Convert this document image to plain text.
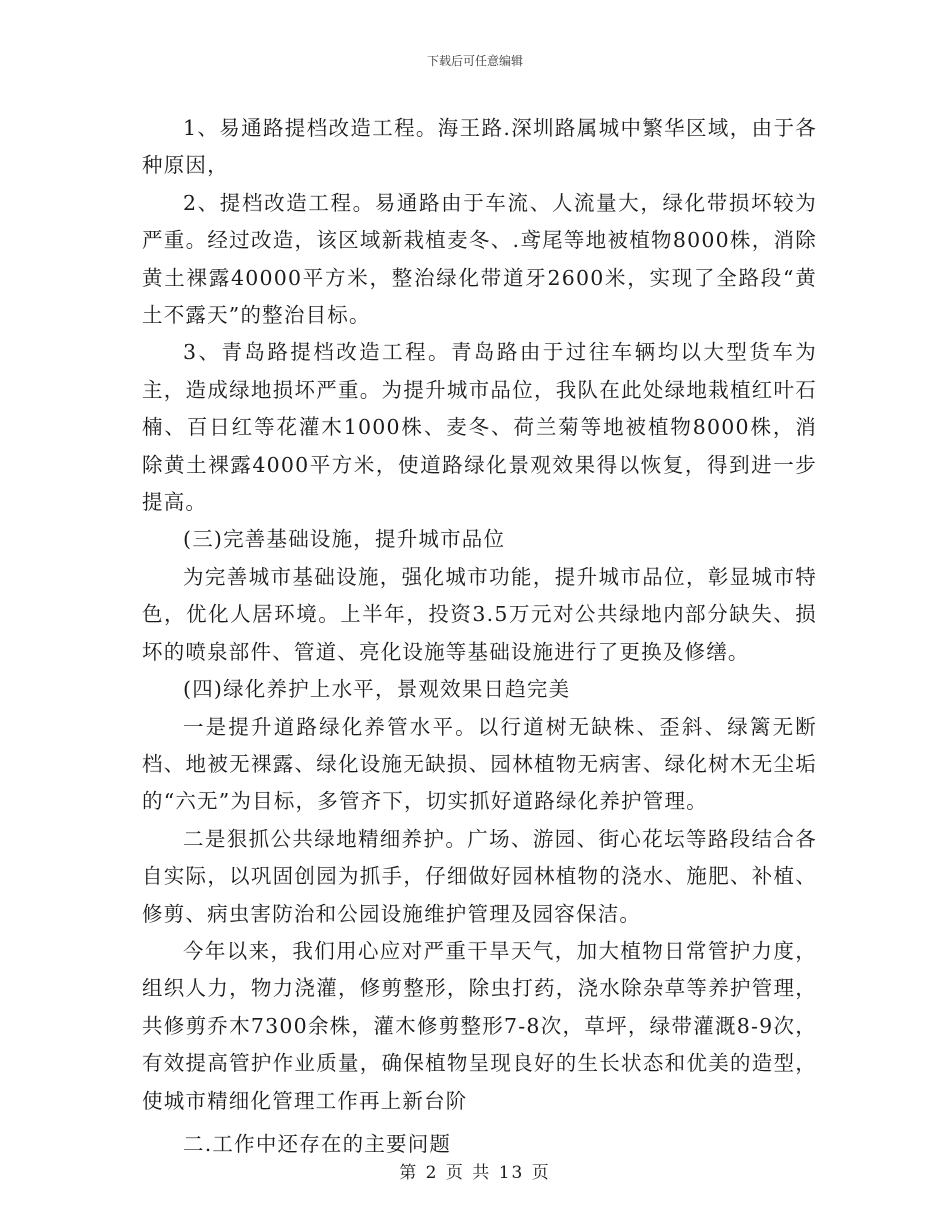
下载后可任意编辑

1、易通路提档改造工程。海王路.深圳路属城中繁华区域，由于各种原因，

2、提档改造工程。易通路由于车流、人流量大，绿化带损坏较为严重。经过改造，该区域新栽植麦冬、.鸢尾等地被植物8000株，消除黄土裸露40000平方米，整治绿化带道牙2600米，实现了全路段“黄土不露天”的整治目标。

3、青岛路提档改造工程。青岛路由于过往车辆均以大型货车为主，造成绿地损坏严重。为提升城市品位，我队在此处绿地栽植红叶石楠、百日红等花灌木1000株、麦冬、荷兰菊等地被植物8000株，消除黄土裸露4000平方米，使道路绿化景观效果得以恢复，得到进一步提高。

(三)完善基础设施，提升城市品位

为完善城市基础设施，强化城市功能，提升城市品位，彰显城市特色，优化人居环境。上半年，投资3.5万元对公共绿地内部分缺失、损坏的喷泉部件、管道、亮化设施等基础设施进行了更换及修缮。

(四)绿化养护上水平，景观效果日趋完美

一是提升道路绿化养管水平。以行道树无缺株、歪斜、绿篱无断档、地被无裸露、绿化设施无缺损、园林植物无病害、绿化树木无尘垢的“六无”为目标，多管齐下，切实抓好道路绿化养护管理。

二是狠抓公共绿地精细养护。广场、游园、街心花坛等路段结合各自实际，以巩固创园为抓手，仔细做好园林植物的浇水、施肥、补植、修剪、病虫害防治和公园设施维护管理及园容保洁。

今年以来，我们用心应对严重干旱天气，加大植物日常管护力度，组织人力，物力浇灌，修剪整形，除虫打药，浇水除杂草等养护管理，共修剪乔木7300余株，灌木修剪整形7-8次，草坪，绿带灌溉8-9次，有效提高管护作业质量，确保植物呈现良好的生长状态和优美的造型，使城市精细化管理工作再上新台阶

二.工作中还存在的主要问题

第 2 页 共 13 页
